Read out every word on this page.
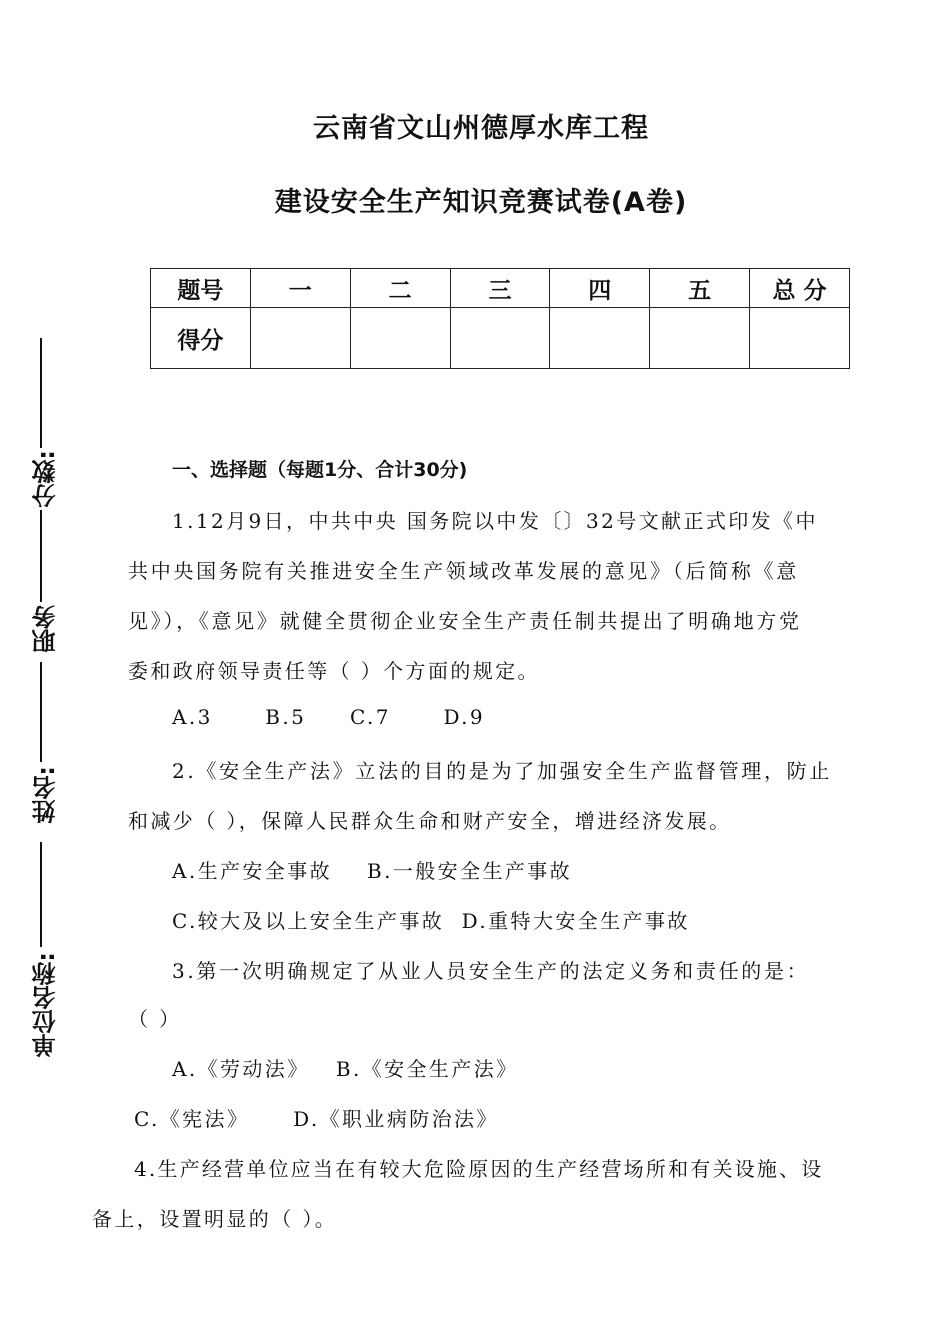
云南省文山州德厚水库工程
建设安全生产知识竞赛试卷(A卷)
题号	一	二	三	四	五	总 分
得分						
分数:
职务
姓名:
单位名称:
一、选择题（每题1分、合计30分)
1.12月9日，中共中央 国务院以中发〔〕32号文献正式印发《中
共中央国务院有关推进安全生产领域改革发展的意见》（后简称《意
见》），《意见》就健全贯彻企业安全生产责任制共提出了明确地方党
委和政府领导责任等（ ）个方面的规定。
A.3      B.5     C.7      D.9
2.《安全生产法》立法的目的是为了加强安全生产监督管理，防止
和减少（ ），保障人民群众生命和财产安全，增进经济发展。
A.生产安全事故    B.一般安全生产事故
C.较大及以上安全生产事故  D.重特大安全生产事故
3.第一次明确规定了从业人员安全生产的法定义务和责任的是：
（ ）
A.《劳动法》   B.《安全生产法》
C.《宪法》     D.《职业病防治法》
4.生产经营单位应当在有较大危险原因的生产经营场所和有关设施、设
备上，设置明显的（ ）。
